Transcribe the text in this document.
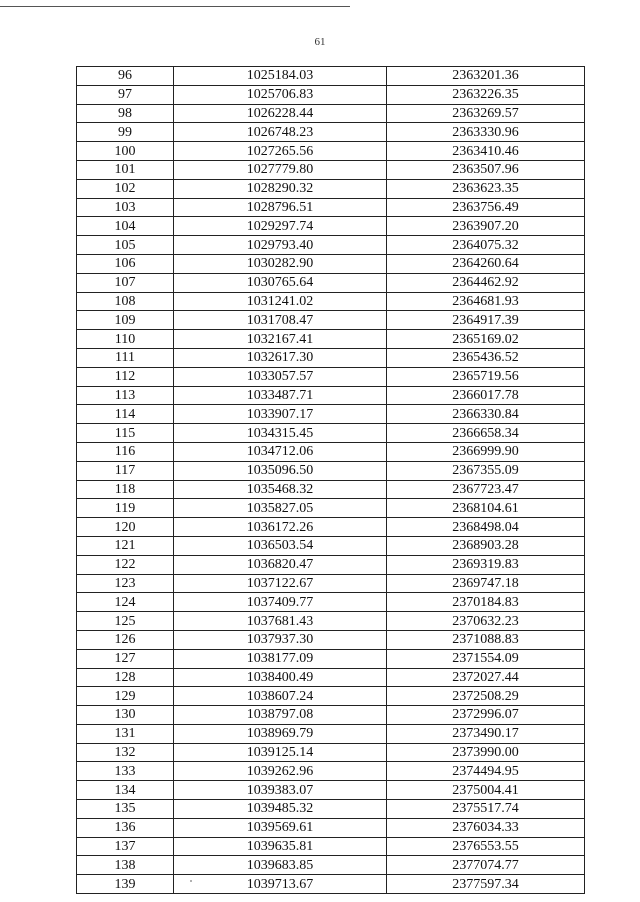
61
96	1025184.03	2363201.36
97	1025706.83	2363226.35
98	1026228.44	2363269.57
99	1026748.23	2363330.96
100	1027265.56	2363410.46
101	1027779.80	2363507.96
102	1028290.32	2363623.35
103	1028796.51	2363756.49
104	1029297.74	2363907.20
105	1029793.40	2364075.32
106	1030282.90	2364260.64
107	1030765.64	2364462.92
108	1031241.02	2364681.93
109	1031708.47	2364917.39
110	1032167.41	2365169.02
111	1032617.30	2365436.52
112	1033057.57	2365719.56
113	1033487.71	2366017.78
114	1033907.17	2366330.84
115	1034315.45	2366658.34
116	1034712.06	2366999.90
117	1035096.50	2367355.09
118	1035468.32	2367723.47
119	1035827.05	2368104.61
120	1036172.26	2368498.04
121	1036503.54	2368903.28
122	1036820.47	2369319.83
123	1037122.67	2369747.18
124	1037409.77	2370184.83
125	1037681.43	2370632.23
126	1037937.30	2371088.83
127	1038177.09	2371554.09
128	1038400.49	2372027.44
129	1038607.24	2372508.29
130	1038797.08	2372996.07
131	1038969.79	2373490.17
132	1039125.14	2373990.00
133	1039262.96	2374494.95
134	1039383.07	2375004.41
135	1039485.32	2375517.74
136	1039569.61	2376034.33
137	1039635.81	2376553.55
138	1039683.85	2377074.77
139	1039713.67	2377597.34
